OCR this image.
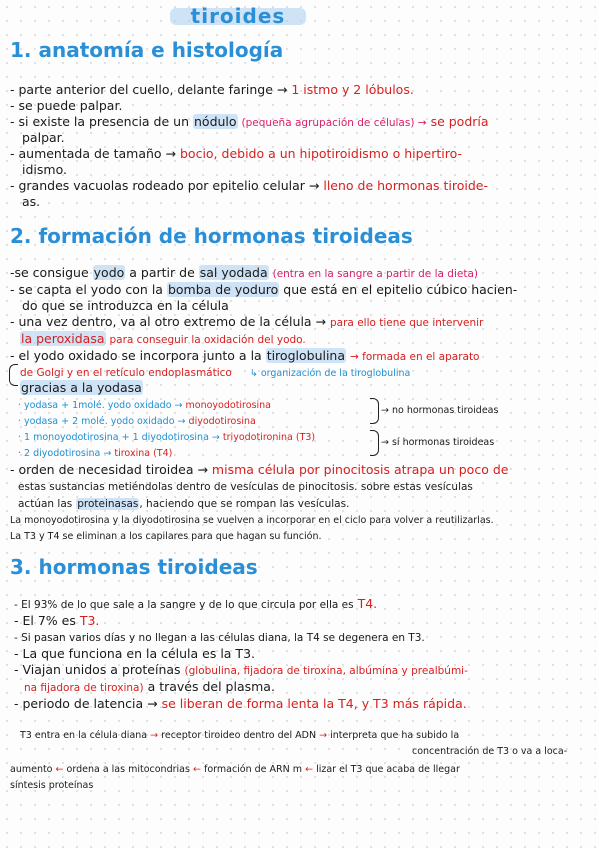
tiroides
1. anatomía e histología
- parte anterior del cuello, delante faringe → 1 istmo y 2 lóbulos.
- se puede palpar.
- si existe la presencia de un nódulo (pequeña agrupación de células) → se podría
palpar.
- aumentada de tamaño → bocio, debido a un hipotiroidismo o hipertiro-
idismo.
- grandes vacuolas rodeado por epitelio celular → lleno de hormonas tiroide-
as.
2. formación de hormonas tiroideas
-se consigue yodo a partir de sal yodada (entra en la sangre a partir de la dieta)
- se capta el yodo con la bomba de yoduro que está en el epitelio cúbico hacien-
do que se introduzca en la célula
- una vez dentro, va al otro extremo de la célula → para ello tiene que intervenir
la peroxidasa para conseguir la oxidación del yodo.
- el yodo oxidado se incorpora junto a la tiroglobulina → formada en el aparato
de Golgi y en el retículo endoplasmático ↳ organización de la tiroglobulina
gracias a la yodasa
· yodasa + 1molé. yodo oxidado → monoyodotirosina
· yodasa + 2 molé. yodo oxidado → diyodotirosina
· 1 monoyodotirosina + 1 diyodotirosina → triyodotironina (T3)
· 2 diyodotirosina → tiroxina (T4)
→ no hormonas tiroideas
→ sí hormonas tiroideas
- orden de necesidad tiroidea → misma célula por pinocitosis atrapa un poco de
estas sustancias metiéndolas dentro de vesículas de pinocitosis. sobre estas vesículas
actúan las proteinasas, haciendo que se rompan las vesículas.
La monoyodotirosina y la diyodotirosina se vuelven a incorporar en el ciclo para volver a reutilizarlas.
La T3 y T4 se eliminan a los capilares para que hagan su función.
3. hormonas tiroideas
- El 93% de lo que sale a la sangre y de lo que circula por ella es T4.
- El 7% es T3.
- Si pasan varios días y no llegan a las células diana, la T4 se degenera en T3.
- La que funciona en la célula es la T3.
- Viajan unidos a proteínas (globulina, fijadora de tiroxina, albúmina y prealbúmi-
na fijadora de tiroxina) a través del plasma.
- periodo de latencia → se liberan de forma lenta la T4, y T3 más rápida.
T3 entra en la célula diana → receptor tiroideo dentro del ADN → interpreta que ha subido la
concentración de T3 o va a loca-
aumento ← ordena a las mitocondrias ← formación de ARN m ← lizar el T3 que acaba de llegar
síntesis proteínas
